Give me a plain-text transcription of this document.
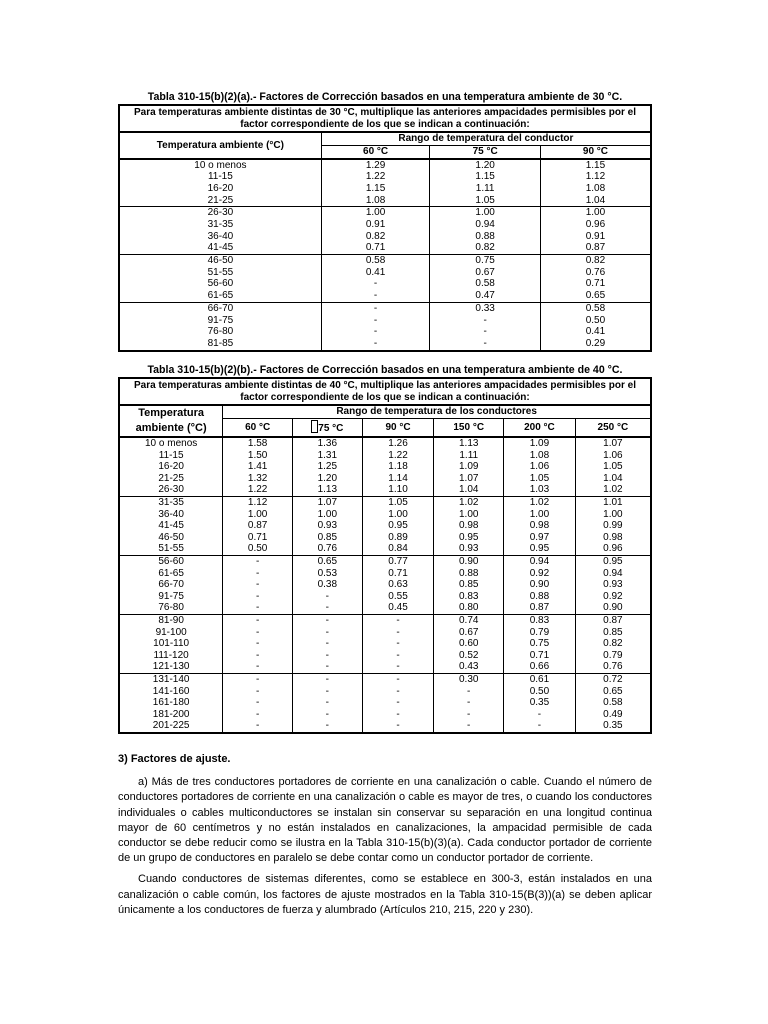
Tabla 310-15(b)(2)(a).- Factores de Corrección basados en una temperatura ambiente de 30 °C.
Para temperaturas ambiente distintas de 30 °C, multiplique las anteriores ampacidades permisibles por el factor correspondiente de los que se indican a continuación:			
Temperatura ambiente (°C)	Rango de temperatura del conductor		
	60 °C	75 °C	90 °C
10 o menos	1.29	1.20	1.15
11-15	1.22	1.15	1.12
16-20	1.15	1.11	1.08
21-25	1.08	1.05	1.04
26-30	1.00	1.00	1.00
31-35	0.91	0.94	0.96
36-40	0.82	0.88	0.91
41-45	0.71	0.82	0.87
46-50	0.58	0.75	0.82
51-55	0.41	0.67	0.76
56-60	-	0.58	0.71
61-65	-	0.47	0.65
66-70	-	0.33	0.58
91-75	-	-	0.50
76-80	-	-	0.41
81-85	-	-	0.29
Tabla 310-15(b)(2)(b).- Factores de Corrección basados en una temperatura ambiente de 40 °C.
Para temperaturas ambiente distintas de 40 °C, multiplique las anteriores ampacidades permisibles por el factor correspondiente de los que se indican a continuación:						
Temperatura
ambiente (°C)	Rango de temperatura de los conductores					
	60 °C	75 °C	90 °C	150 °C	200 °C	250 °C
10 o menos	1.58	1.36	1.26	1.13	1.09	1.07
11-15	1.50	1.31	1.22	1.11	1.08	1.06
16-20	1.41	1.25	1.18	1.09	1.06	1.05
21-25	1.32	1.20	1.14	1.07	1.05	1.04
26-30	1.22	1.13	1.10	1.04	1.03	1.02
31-35	1.12	1.07	1.05	1.02	1.02	1.01
36-40	1.00	1.00	1.00	1.00	1.00	1.00
41-45	0.87	0.93	0.95	0.98	0.98	0.99
46-50	0.71	0.85	0.89	0.95	0.97	0.98
51-55	0.50	0.76	0.84	0.93	0.95	0.96
56-60	-	0.65	0.77	0.90	0.94	0.95
61-65	-	0.53	0.71	0.88	0.92	0.94
66-70	-	0.38	0.63	0.85	0.90	0.93
91-75	-	-	0.55	0.83	0.88	0.92
76-80	-	-	0.45	0.80	0.87	0.90
81-90	-	-	-	0.74	0.83	0.87
91-100	-	-	-	0.67	0.79	0.85
101-110	-	-	-	0.60	0.75	0.82
111-120	-	-	-	0.52	0.71	0.79
121-130	-	-	-	0.43	0.66	0.76
131-140	-	-	-	0.30	0.61	0.72
141-160	-	-	-	-	0.50	0.65
161-180	-	-	-	-	0.35	0.58
181-200	-	-	-	-	-	0.49
201-225	-	-	-	-	-	0.35
3) Factores de ajuste.

a) Más de tres conductores portadores de corriente en una canalización o cable. Cuando el número de conductores portadores de corriente en una canalización o cable es mayor de tres, o cuando los conductores individuales o cables multiconductores se instalan sin conservar su separación en una longitud continua mayor de 60 centímetros y no están instalados en canalizaciones, la ampacidad permisible de cada conductor se debe reducir como se ilustra en la Tabla 310-15(b)(3)(a). Cada conductor portador de corriente de un grupo de conductores en paralelo se debe contar como un conductor portador de corriente.

Cuando conductores de sistemas diferentes, como se establece en 300-3, están instalados en una canalización o cable común, los factores de ajuste mostrados en la Tabla 310-15(B(3))(a) se deben aplicar únicamente a los conductores de fuerza y alumbrado (Artículos 210, 215, 220 y 230).
